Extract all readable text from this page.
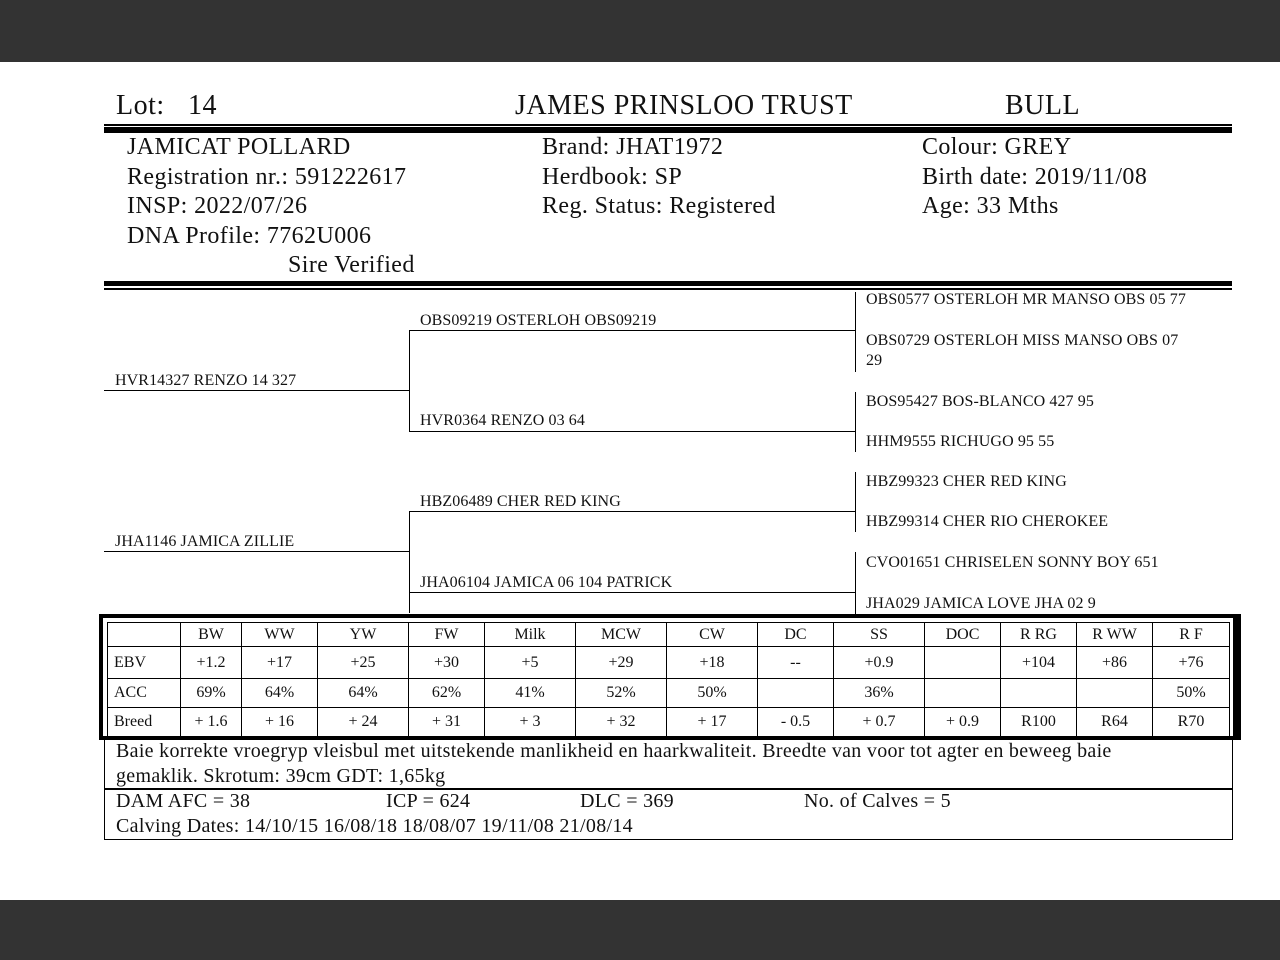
Lot: 14	JAMES PRINSLOO TRUST	BULL
JAMICAT POLLARD
Registration nr.: 591222617
INSP: 2022/07/26
DNA Profile: 7762U006
Sire Verified
Brand: JHAT1972
Herdbook: SP
Reg. Status: Registered
Colour: GREY
Birth date: 2019/11/08
Age: 33 Mths
HVR14327 RENZO 14 327
JHA1146 JAMICA ZILLIE
OBS09219 OSTERLOH OBS09219
HVR0364 RENZO 03 64
HBZ06489 CHER RED KING
JHA06104 JAMICA 06 104 PATRICK
OBS0577 OSTERLOH MR MANSO OBS 05 77
OBS0729 OSTERLOH MISS MANSO OBS 07
29
BOS95427 BOS-BLANCO 427 95
HHM9555 RICHUGO 95 55
HBZ99323 CHER RED KING
HBZ99314 CHER RIO CHEROKEE
CVO01651 CHRISELEN SONNY BOY 651
JHA029 JAMICA LOVE JHA 02 9
	BW	WW	YW	FW	Milk	MCW	CW	DC	SS	DOC	R RG	R WW	R F
EBV	+1.2	+17	+25	+30	+5	+29	+18	--	+0.9		+104	+86	+76
ACC	69%	64%	64%	62%	41%	52%	50%		36%				50%
Breed	+ 1.6	+ 16	+ 24	+ 31	+ 3	+ 32	+ 17	- 0.5	+ 0.7	+ 0.9	R100	R64	R70
Baie korrekte vroegryp vleisbul met uitstekende manlikheid en haarkwaliteit. Breedte van voor tot agter en beweeg baie
gemaklik. Skrotum: 39cm GDT: 1,65kg
DAM AFC = 38	ICP = 624	DLC = 369	No. of Calves = 5
Calving Dates: 14/10/15 16/08/18 18/08/07 19/11/08 21/08/14
